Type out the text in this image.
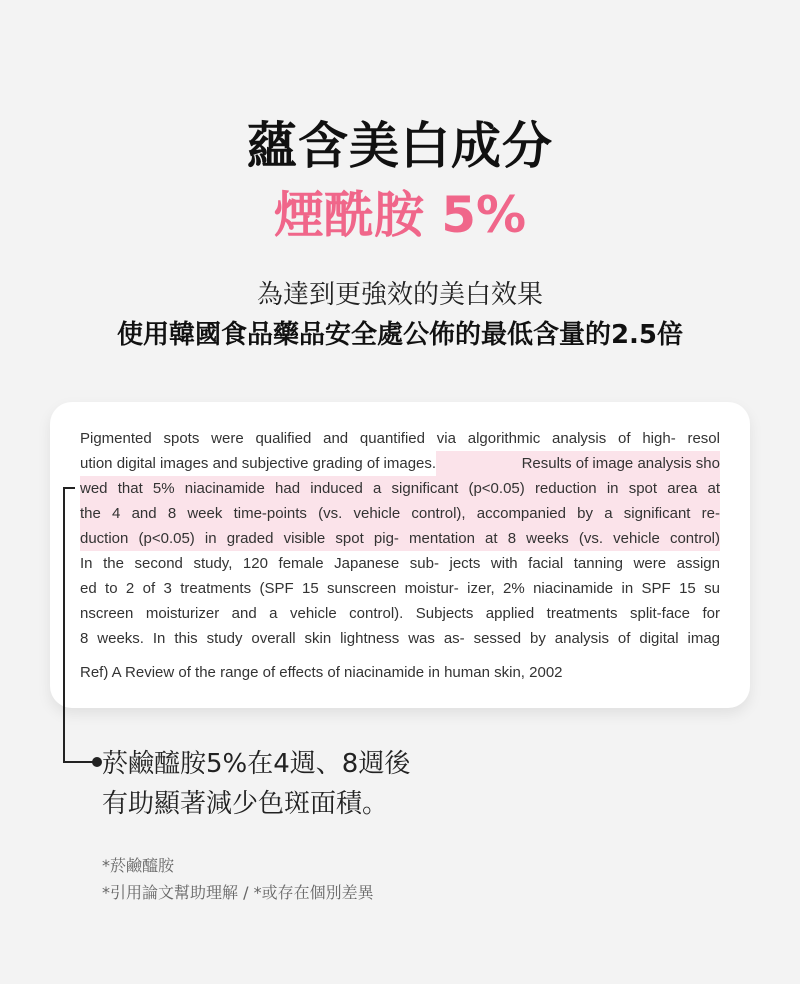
蘊含美白成分
煙酰胺 5%
為達到更強效的美白效果
使用韓國食品藥品安全處公佈的最低含量的2.5倍
Pigmented spots were qualified and quantified via algorithmic analysis of high- resol
ution digital images and subjective grading of images.	Results of image analysis sho
wed that 5% niacinamide had induced a significant (p<0.05) reduction in spot area at
the 4 and 8 week time-points (vs. vehicle control), accompanied by a significant re-
duction (p<0.05) in graded visible spot pig- mentation at 8 weeks (vs. vehicle control)
In the second study, 120 female Japanese sub- jects with facial tanning were assign
ed to 2 of 3 treatments (SPF 15 sunscreen moistur- izer, 2% niacinamide in SPF 15 su
nscreen moisturizer and a vehicle control). Subjects applied treatments split-face for
8 weeks. In this study overall skin lightness was as- sessed by analysis of digital imag
Ref) A Review of the range of effects of niacinamide in human skin, 2002
菸鹼醯胺5%在4週、8週後
有助顯著減少色斑面積。
*菸鹼醯胺
*引用論文幫助理解 / *或存在個別差異
